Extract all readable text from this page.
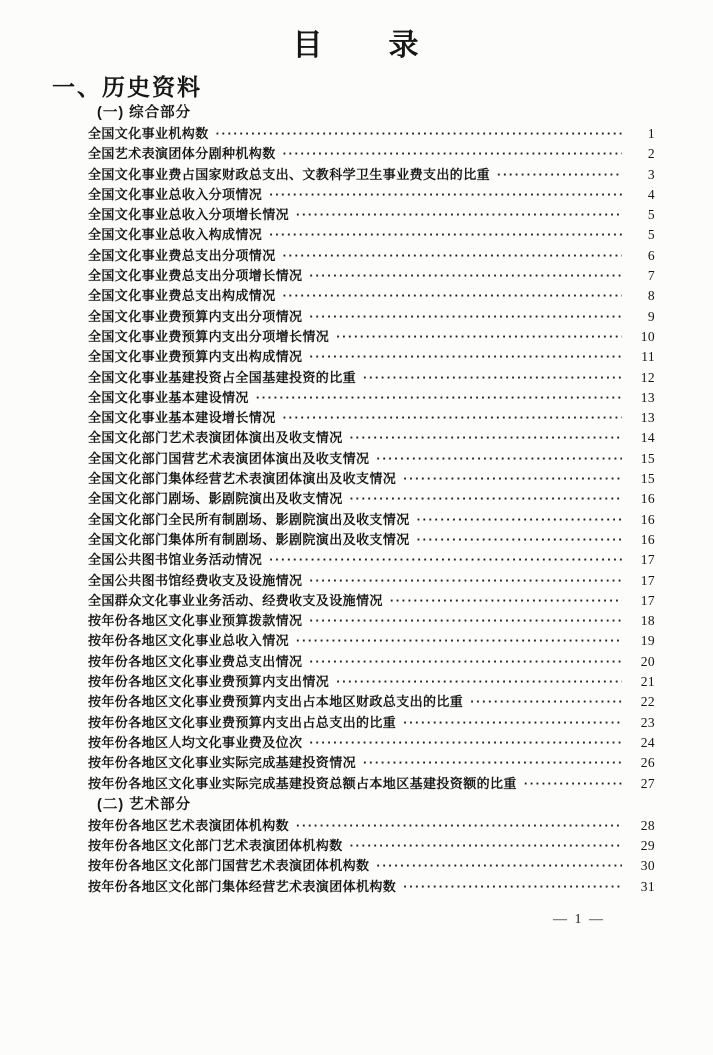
目　　录
一、历史资料
(一) 综合部分
全国文化事业机构数 ·····	1
全国艺术表演团体分剧种机构数 ·····	2
全国文化事业费占国家财政总支出、文教科学卫生事业费支出的比重 ·····	3
全国文化事业总收入分项情况 ·····	4
全国文化事业总收入分项增长情况 ·····	5
全国文化事业总收入构成情况 ·····	5
全国文化事业费总支出分项情况 ·····	6
全国文化事业费总支出分项增长情况 ·····	7
全国文化事业费总支出构成情况 ·····	8
全国文化事业费预算内支出分项情况 ·····	9
全国文化事业费预算内支出分项增长情况 ·····	10
全国文化事业费预算内支出构成情况 ·····	11
全国文化事业基建投资占全国基建投资的比重 ·····	12
全国文化事业基本建设情况 ·····	13
全国文化事业基本建设增长情况 ·····	13
全国文化部门艺术表演团体演出及收支情况 ·····	14
全国文化部门国营艺术表演团体演出及收支情况 ·····	15
全国文化部门集体经营艺术表演团体演出及收支情况 ·····	15
全国文化部门剧场、影剧院演出及收支情况 ·····	16
全国文化部门全民所有制剧场、影剧院演出及收支情况 ·····	16
全国文化部门集体所有制剧场、影剧院演出及收支情况 ·····	16
全国公共图书馆业务活动情况 ·····	17
全国公共图书馆经费收支及设施情况 ·····	17
全国群众文化事业业务活动、经费收支及设施情况 ·····	17
按年份各地区文化事业预算拨款情况 ·····	18
按年份各地区文化事业总收入情况 ·····	19
按年份各地区文化事业费总支出情况 ·····	20
按年份各地区文化事业费预算内支出情况 ·····	21
按年份各地区文化事业费预算内支出占本地区财政总支出的比重 ·····	22
按年份各地区文化事业费预算内支出占总支出的比重 ·····	23
按年份各地区人均文化事业费及位次 ·····	24
按年份各地区文化事业实际完成基建投资情况 ·····	26
按年份各地区文化事业实际完成基建投资总额占本地区基建投资额的比重 ·····	27
(二) 艺术部分
按年份各地区艺术表演团体机构数 ·····	28
按年份各地区文化部门艺术表演团体机构数 ·····	29
按年份各地区文化部门国营艺术表演团体机构数 ·····	30
按年份各地区文化部门集体经营艺术表演团体机构数 ·····	31
— 1 —
